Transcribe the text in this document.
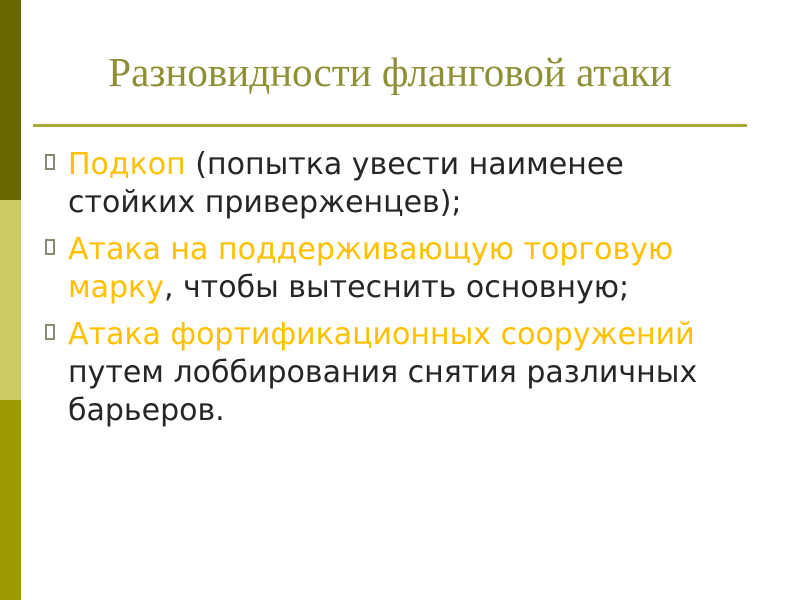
Разновидности фланговой атаки
Подкоп (попытка увести наименее стойких приверженцев);
Атака на поддерживающую торговую марку, чтобы вытеснить основную;
Атака фортификационных сооружений путем лоббирования снятия различных барьеров.
